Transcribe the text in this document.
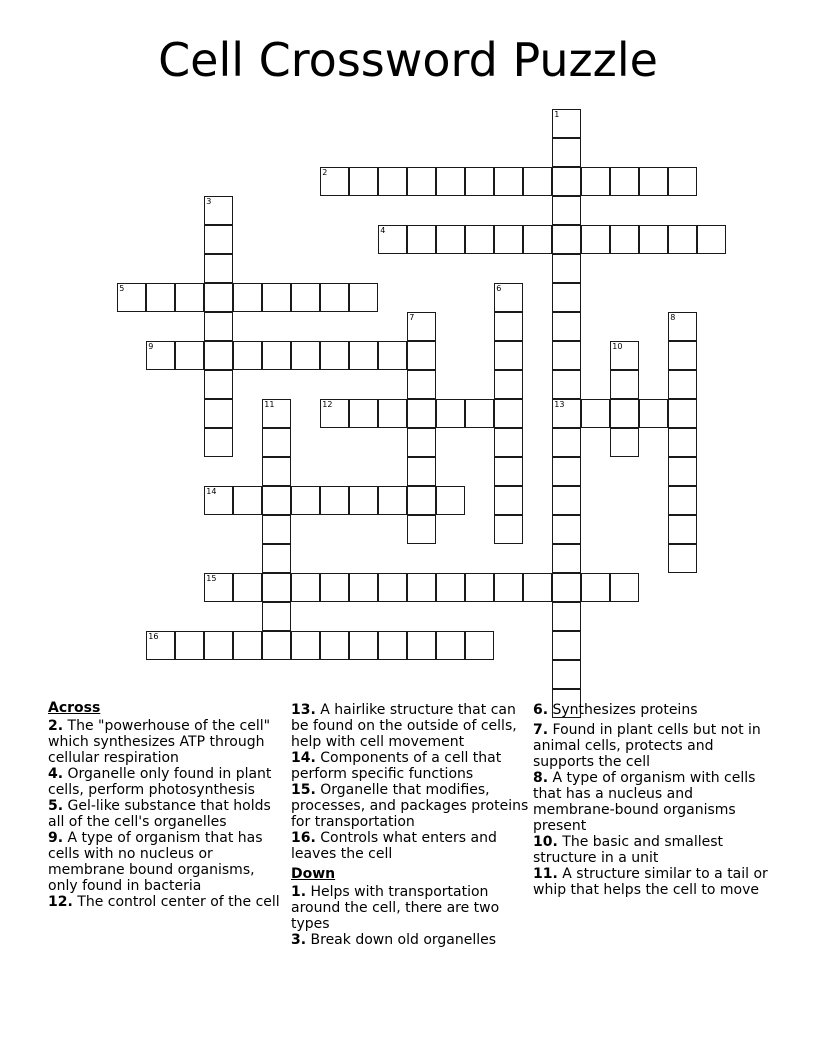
Cell Crossword Puzzle
1
13
2
3
4
5	6
7	8
9	10
11	12
14
15
16
Across
2. The "powerhouse of the cell" which synthesizes ATP through cellular respiration
4. Organelle only found in plant cells, perform photosynthesis
5. Gel-like substance that holds all of the cell's organelles
9. A type of organism that has cells with no nucleus or membrane bound organisms, only found in bacteria
12. The control center of the cell
13. A hairlike structure that can be found on the outside of cells, help with cell movement
14. Components of a cell that perform specific functions
15. Organelle that modifies, processes, and packages proteins for transportation
16. Controls what enters and leaves the cell
Down
1. Helps with transportation around the cell, there are two types
3. Break down old organelles
6. Synthesizes proteins
7. Found in plant cells but not in animal cells, protects and supports the cell
8. A type of organism with cells that has a nucleus and membrane-bound organisms present
10. The basic and smallest structure in a unit
11. A structure similar to a tail or whip that helps the cell to move
